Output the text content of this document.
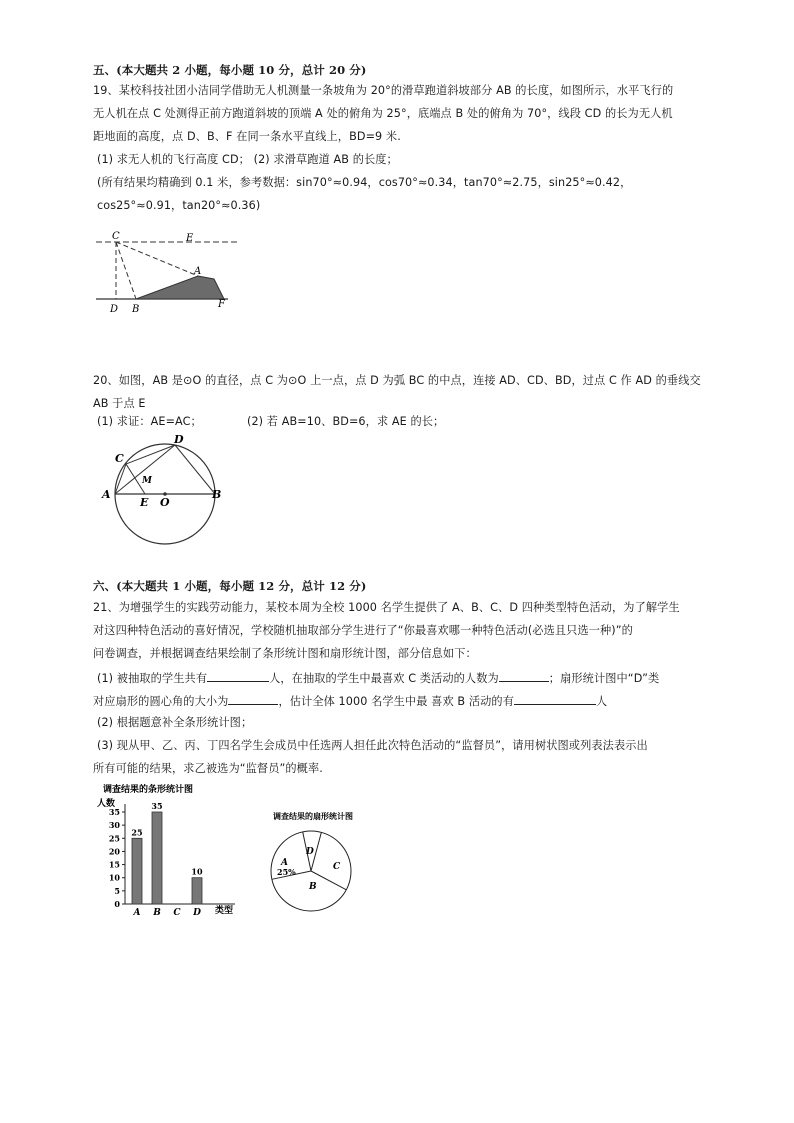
五、(本大题共 2 小题，每小题 10 分，总计 20 分)
19、某校科技社团小洁同学借助无人机测量一条坡角为 20°的滑草跑道斜坡部分 AB 的长度，如图所示，水平飞行的
无人机在点 C 处测得正前方跑道斜坡的顶端 A 处的俯角为 25°，底端点 B 处的俯角为 70°，线段 CD 的长为无人机
距地面的高度，点 D、B、F 在同一条水平直线上，BD=9 米.
(1) 求无人机的飞行高度 CD； (2) 求滑草跑道 AB 的长度；
(所有结果均精确到 0.1 米，参考数据：sin70°≈0.94，cos70°≈0.34，tan70°≈2.75，sin25°≈0.42，
cos25°≈0.91，tan20°≈0.36)
C	E
A
D B	F
20、如图，AB 是⊙O 的直径，点 C 为⊙O 上一点，点 D 为弧 BC 的中点，连接 AD、CD、BD，过点 C 作 AD 的垂线交
AB 于点 E
(1) 求证：AE=AC；	(2) 若 AB=10、BD=6，求 AE 的长；
C
D
M
A
E O
B
六、(本大题共 1 小题，每小题 12 分，总计 12 分)
21、为增强学生的实践劳动能力，某校本周为全校 1000 名学生提供了 A、B、C、D 四种类型特色活动，为了解学生
对这四种特色活动的喜好情况，学校随机抽取部分学生进行了“你最喜欢哪一种特色活动(必选且只选一种)”的
问卷调查，并根据调查结果绘制了条形统计图和扇形统计图，部分信息如下：
(1) 被抽取的学生共有	人，在抽取的学生中最喜欢 C 类活动的人数为	；扇形统计图中“D”类
对应扇形的圆心角的大小为	，估计全体 1000 名学生中最 喜欢 B 活动的有	人
(2) 根据题意补全条形统计图；
(3) 现从甲、乙、丙、丁四名学生会成员中任选两人担任此次特色活动的“监督员”，请用树状图或列表法表示出
所有可能的结果，求乙被选为“监督员”的概率.
调查结果的条形统计图
人数
类型
0
5
10
15
20
25
30
35
A
25
B
35
C D
10
调查结果的扇形统计图
A
25%
B
C
D
